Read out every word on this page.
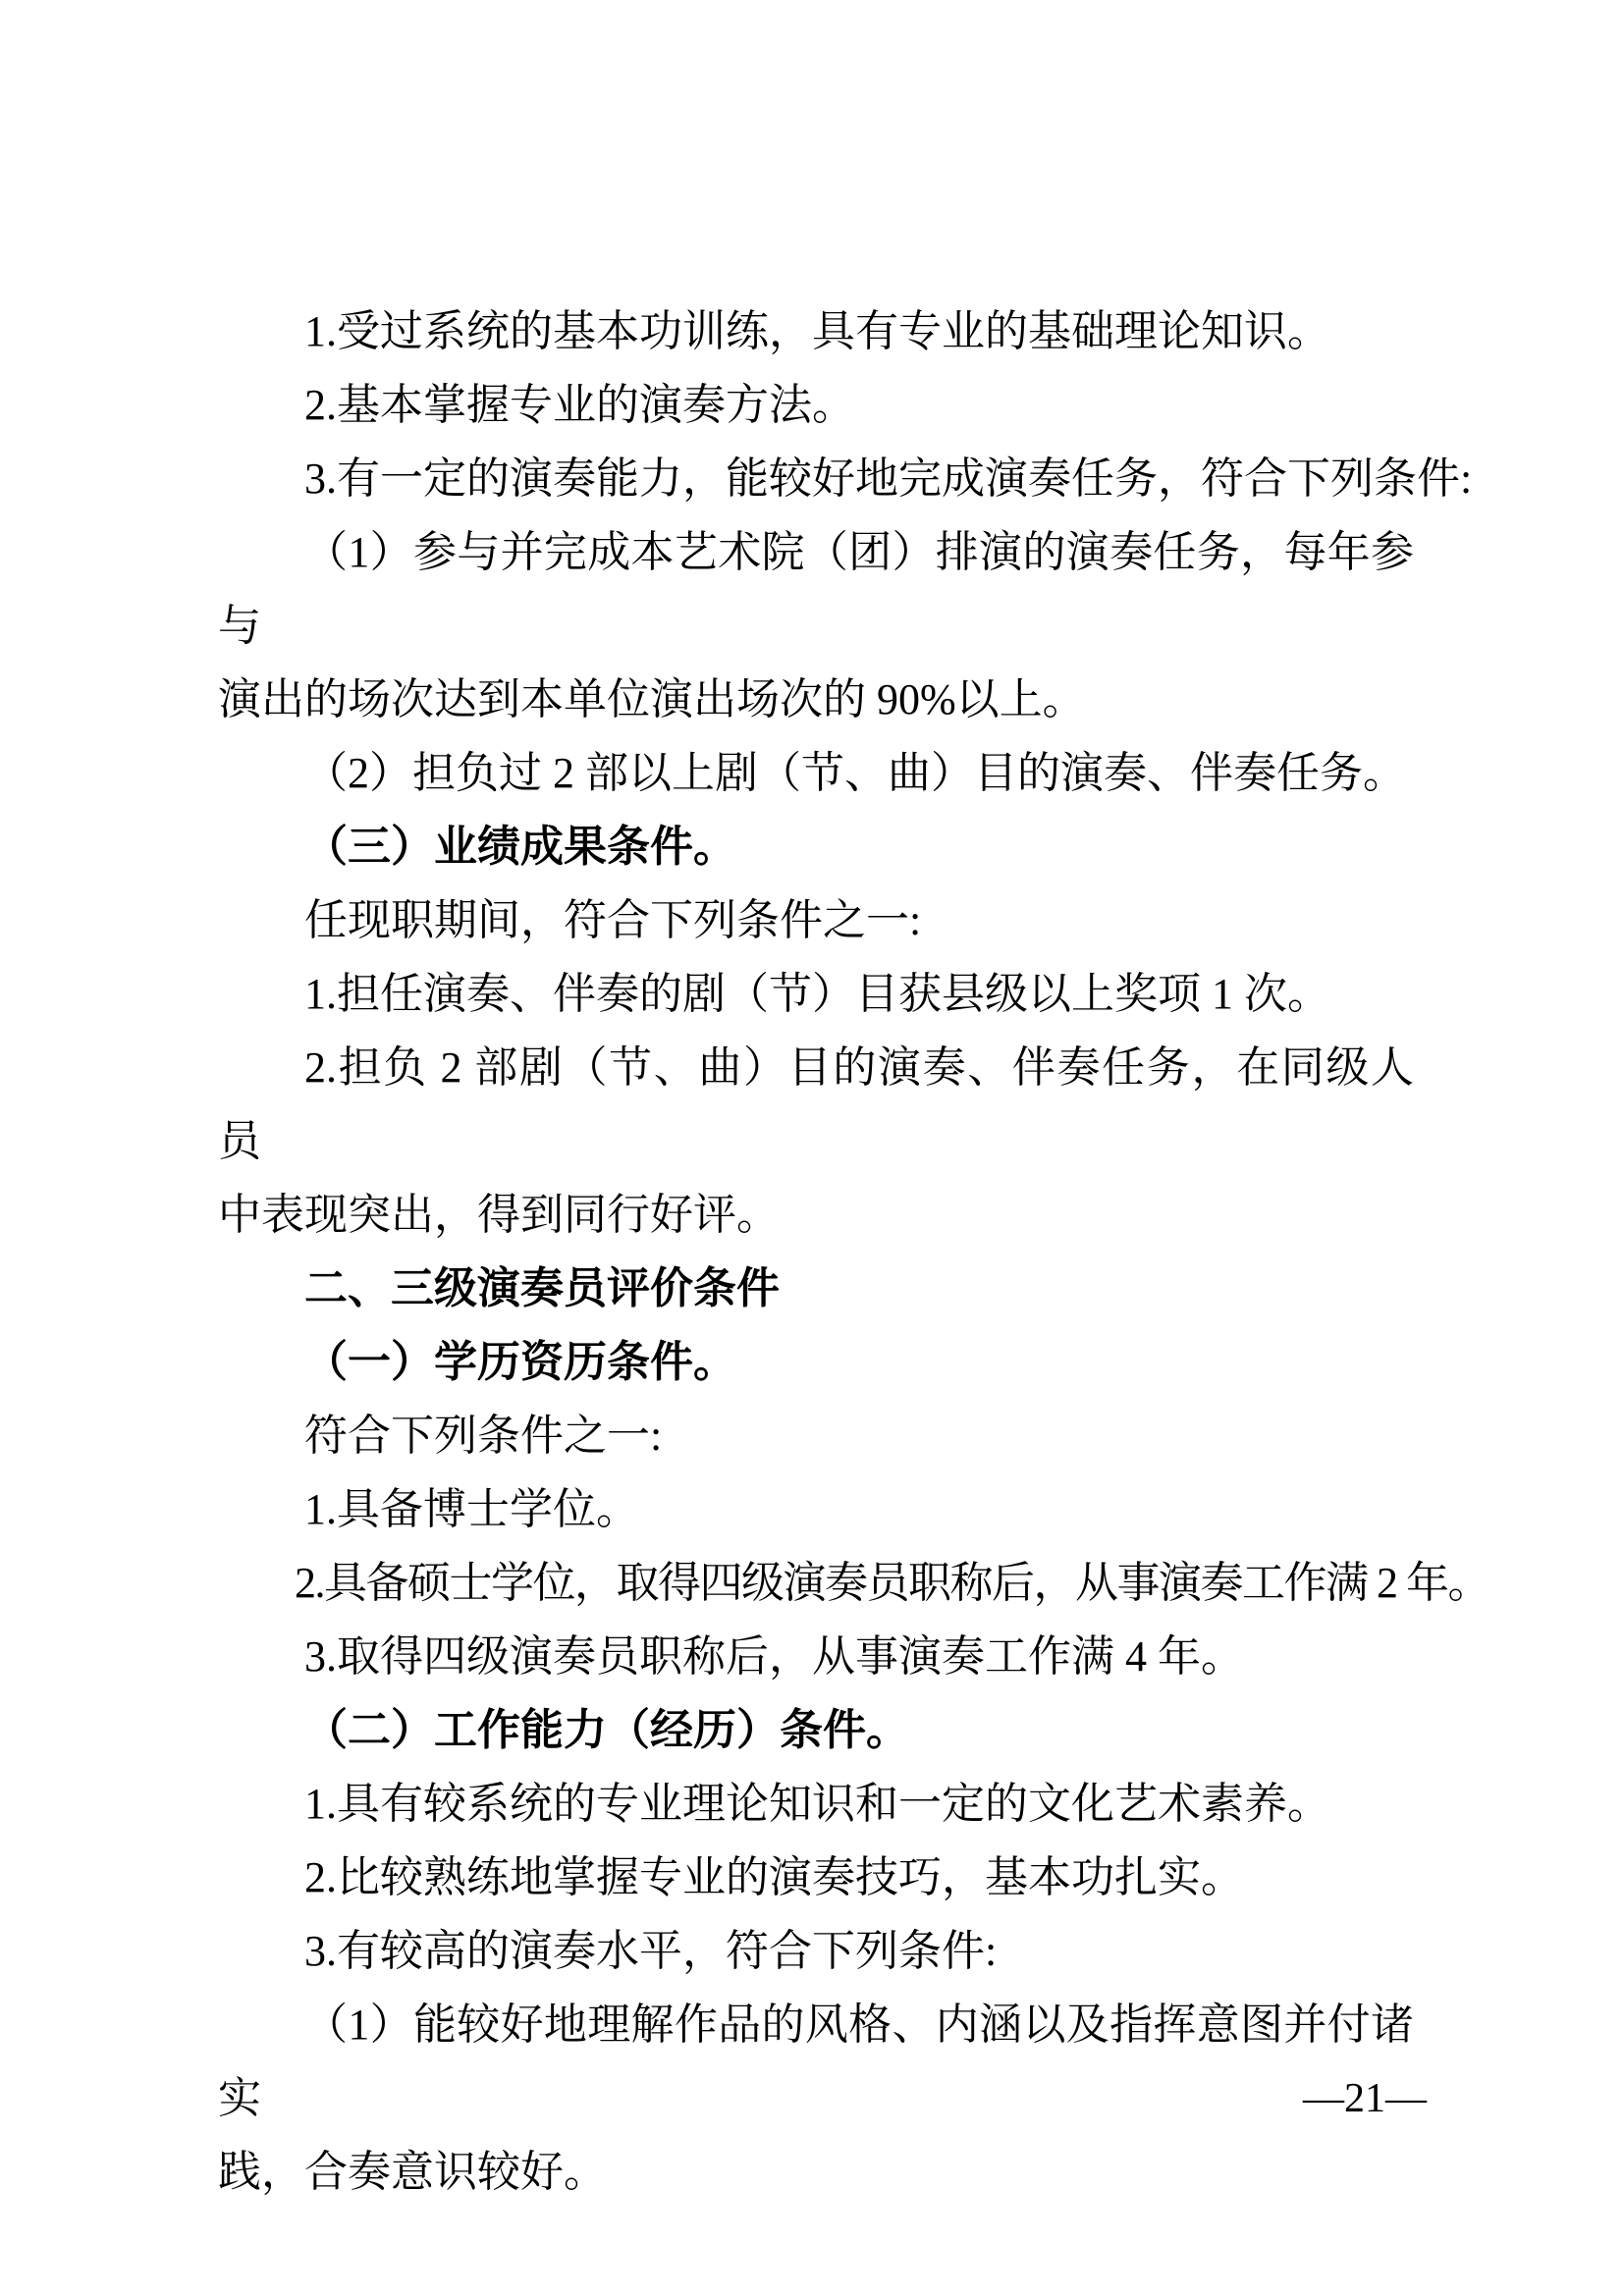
1.受过系统的基本功训练，具有专业的基础理论知识。

2.基本掌握专业的演奏方法。

3.有一定的演奏能力，能较好地完成演奏任务，符合下列条件:

（1）参与并完成本艺术院（团）排演的演奏任务，每年参与

演出的场次达到本单位演出场次的 90%以上。

（2）担负过 2 部以上剧（节、曲）目的演奏、伴奏任务。

（三）业绩成果条件。

任现职期间，符合下列条件之一:

1.担任演奏、伴奏的剧（节）目获县级以上奖项 1 次。

2.担负 2 部剧（节、曲）目的演奏、伴奏任务，在同级人员

中表现突出，得到同行好评。

二、三级演奏员评价条件

（一）学历资历条件。

符合下列条件之一:

1.具备博士学位。

2.具备硕士学位，取得四级演奏员职称后，从事演奏工作满 2 年。

3.取得四级演奏员职称后，从事演奏工作满 4 年。

（二）工作能力（经历）条件。

1.具有较系统的专业理论知识和一定的文化艺术素养。

2.比较熟练地掌握专业的演奏技巧，基本功扎实。

3.有较高的演奏水平，符合下列条件:

（1）能较好地理解作品的风格、内涵以及指挥意图并付诸实

践，合奏意识较好。

—21—
